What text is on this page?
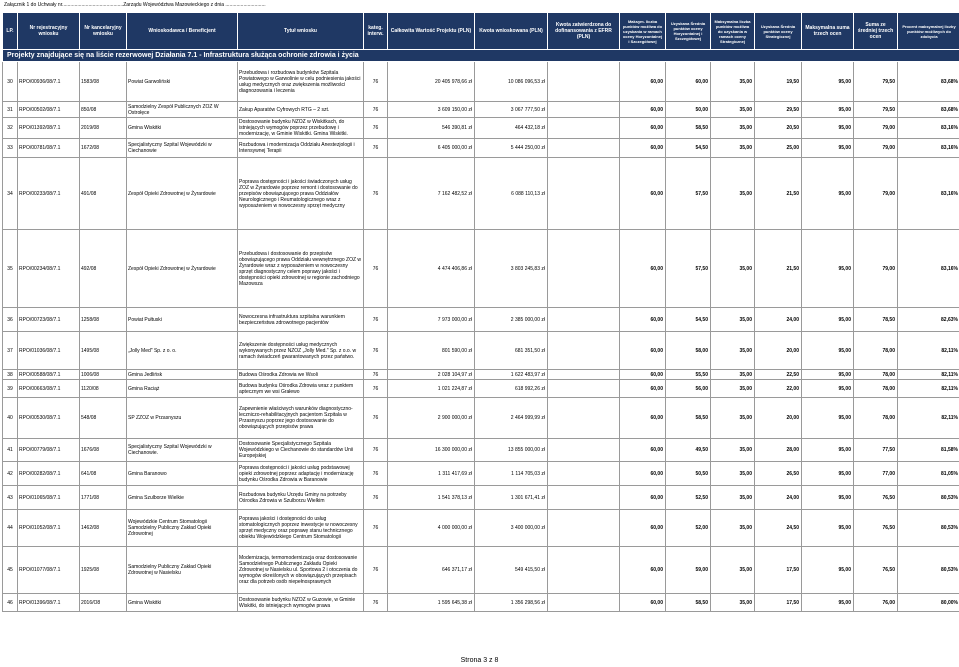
Załącznik 1 do Uchwały nr............................................Zarządu Województwa Mazowieckiego z dnia .............................
LP.	Nr rejestracyjny wniosku	Nr kancelaryjny wniosku	Wnioskodawca / Beneficjent	Tytuł wniosku	kateg. interw.	Całkowita Wartość Projektu (PLN)	Kwota wnioskowana (PLN)	Kwota zatwierdzona do dofinansowania z EFRR (PLN)	Maksym. liczba punktów możliwa do uzyskania w ramach oceny Horyzontalnej i Szczegółowej	Uzyskana Średnia punktów oceny Horyzontalnej i Szczegółowej	Maksymalna liczba punktów możliwa do uzyskania w ramach oceny Strategicznej	Uzyskana Średnia punktów oceny Strategicznej	Maksymalna suma trzech ocen	Suma ze średniej trzech ocen	Procent maksymalnej liczby punktów możliwych do zdobycia
Projekty znajdujące się na liście rezerwowej Działania 7.1 - Infrastruktura służąca ochronie zdrowia i życia															
30	RPO/00936/08/7.1	1583/08	Powiat Garwoliński	Przebudowa i rozbudowa budynków Szpitala Powiatowego w Garwolinie w celu podniesienia jakości usług medycznych oraz zwiększenia możliwości diagnozowania i leczenia	76	20 405 978,66 zł	10 086 096,53 zł		60,00	60,00	35,00	19,50	95,00	79,50	83,68%
31	RPO/00502/08/7.1	850/08	Samodzielny Zespół Publicznych ZOZ W Ostrołęce	Zakup Aparatów Cyfrowych RTG – 2 szt.	76	3 609 150,00 zł	3 067 777,50 zł		60,00	50,00	35,00	29,50	95,00	79,50	83,68%
32	RPO/01392/08/7.1	2019/08	Gmina Wiskitki	Dostosowanie budynku NZOZ w Wiskitkach, do istniejących wymogów poprzez przebudowę i modernizację, w Gminie Wiskitki. Gmina Wiskitki.	76	546 390,81 zł	464 432,18 zł		60,00	58,50	35,00	20,50	95,00	79,00	83,16%
33	RPO/00781/08/7.1	1672/08	Specjalistyczny Szpital Wojewódzki w Ciechanowie	Rozbudowa i modernizacja Oddziału Anestezjologii i Intensywnej Terapii	76	6 405 000,00 zł	5 444 250,00 zł		60,00	54,50	35,00	25,00	95,00	79,00	83,16%
34	RPO/00233/08/7.1	491/08	Zespół Opieki Zdrowotnej w Żyrardowie	Poprawa dostępności i jakości świadczonych usług ZOZ w Żyrardowie poprzez remont i dostosowanie do przepisów obowiązującego prawa Oddziałów Neurologicznego i Reumatologicznego wraz z wyposażeniem w nowoczesny sprzęt medyczny	76	7 162 482,52 zł	6 088 110,13 zł		60,00	57,50	35,00	21,50	95,00	79,00	83,16%
35	RPO/00234/08/7.1	492/08	Zespół Opieki Zdrowotnej w Żyrardowie	Przebudowa i dostosowanie do przepisów obowiązującego prawa Oddziału wewnętrznego ZOZ w Żyrardowie wraz z wyposażeniem w nowoczesny sprzęt diagnostyczny celem poprawy jakości i dostępności opieki zdrowotnej w regionie zachodniego Mazowsza	76	4 474 406,86 zł	3 803 245,83 zł		60,00	57,50	35,00	21,50	95,00	79,00	83,16%
36	RPO/00723/08/7.1	1258/08	Powiat Pułtuski	Nowoczesna infrastruktura szpitalna warunkiem bezpieczeństwa zdrowotnego pacjentów	76	7 973 000,00 zł	2 385 000,00 zł		60,00	54,50	35,00	24,00	95,00	78,50	82,63%
37	RPO/01036/08/7.1	1495/08	„Jolly Med" Sp. z o. o.	Zwiększenie dostępności usług medycznych wykonywanych przez NZOZ „Jolly Med." Sp. z o.o. w ramach świadczeń gwarantowanych przez państwo.	76	801 590,00 zł	681 351,50 zł		60,00	58,00	35,00	20,00	95,00	78,00	82,11%
38	RPO/00588/08/7.1	1006/08	Gmina Jedlińsk	Budowa Ośrodka Zdrowia we Wsoli	76	2 028 104,97 zł	1 622 483,97 zł		60,00	55,50	35,00	22,50	95,00	78,00	82,11%
39	RPO/00663/08/7.1	1120/08	Gmina Raciąż	Budowa budynku Ośrodka Zdrowia wraz z punktem aptecznym we wsi Grałewo	76	1 021 224,87 zł	618 992,26 zł		60,00	56,00	35,00	22,00	95,00	78,00	82,11%
40	RPO/00530/08/7.1	548/08	SP ZZOZ w Przasnyszu	Zapewnienie właściwych warunków diagnostyczno-leczniczo-rehabilitacyjnych pacjentom Szpitala w Przasnyszu poprzez jego dostosowanie do obowiązujących przepisów prawa	76	2 900 000,00 zł	2 464 999,99 zł		60,00	58,50	35,00	20,00	95,00	78,00	82,11%
41	RPO/00779/08/7.1	1676/08	Specjalistyczny Szpital Wojewódzki w Ciechanowie.	Dostosowanie Specjalistycznego Szpitala Wojewódzkiego w Ciechanowie do standardów Unii Europejskiej	76	16 300 000,00 zł	13 855 000,00 zł		60,00	49,50	35,00	28,00	95,00	77,50	81,58%
42	RPO/00282/08/7.1	641/08	Gmina Baranowo	Poprawa dostępności i jakości usług podstawowej opieki zdrowotnej poprzez adaptację i modernizację budynku Ośrodka Zdrowia w Baranowie	76	1 311 417,69 zł	1 114 705,03 zł		60,00	50,50	35,00	26,50	95,00	77,00	81,05%
43	RPO/01065/08/7.1	1771/08	Gmina Szulborze Wielkie	Rozbudowa budynku Urzędu Gminy na potrzeby Ośrodka Zdrowia w Szulborzu Wielkim	76	1 541 378,13 zł	1 301 671,41 zł		60,00	52,50	35,00	24,00	95,00	76,50	80,53%
44	RPO/01052/08/7.1	1462/08	Wojewódzkie Centrum Stomatologii Samodzielny Publiczny Zakład Opieki Zdrowotnej	Poprawa jakości i dostępności do usług stomatologicznych poprzez inwestycje w nowoczesny sprzęt medyczny oraz poprawę stanu technicznego obiektu Wojewódzkiego Centrum Stomatologii	76	4 000 000,00 zł	3 400 000,00 zł		60,00	52,00	35,00	24,50	95,00	76,50	80,53%
45	RPO/01077/08/7.1	1925/08	Samodzielny Publiczny Zakład Opieki Zdrowotnej w Nasielsku	Modernizacja, termomodernizacja oraz dostosowanie Samodzielnego Publicznego Zakładu Opieki Zdrowotnej w Nasielsku ul. Sportowa 2 i otoczenia do wymogów określonych w obowiązujących przepisach oraz dla potrzeb osób niepełnosprawnych	76	646 371,17 zł	549 415,50 zł		60,00	59,00	35,00	17,50	95,00	76,50	80,53%
46	RPO/01396/08/7.1	2016/O8	Gmina Wiskitki	Dostosowanie budynku NZOZ w Guzowie, w Gminie Wiskitki, do istniejących wymogów prawa	76	1 595 645,38 zł	1 356 298,56 zł		60,00	58,50	35,00	17,50	95,00	76,00	80,00%
Strona 3 z 8
